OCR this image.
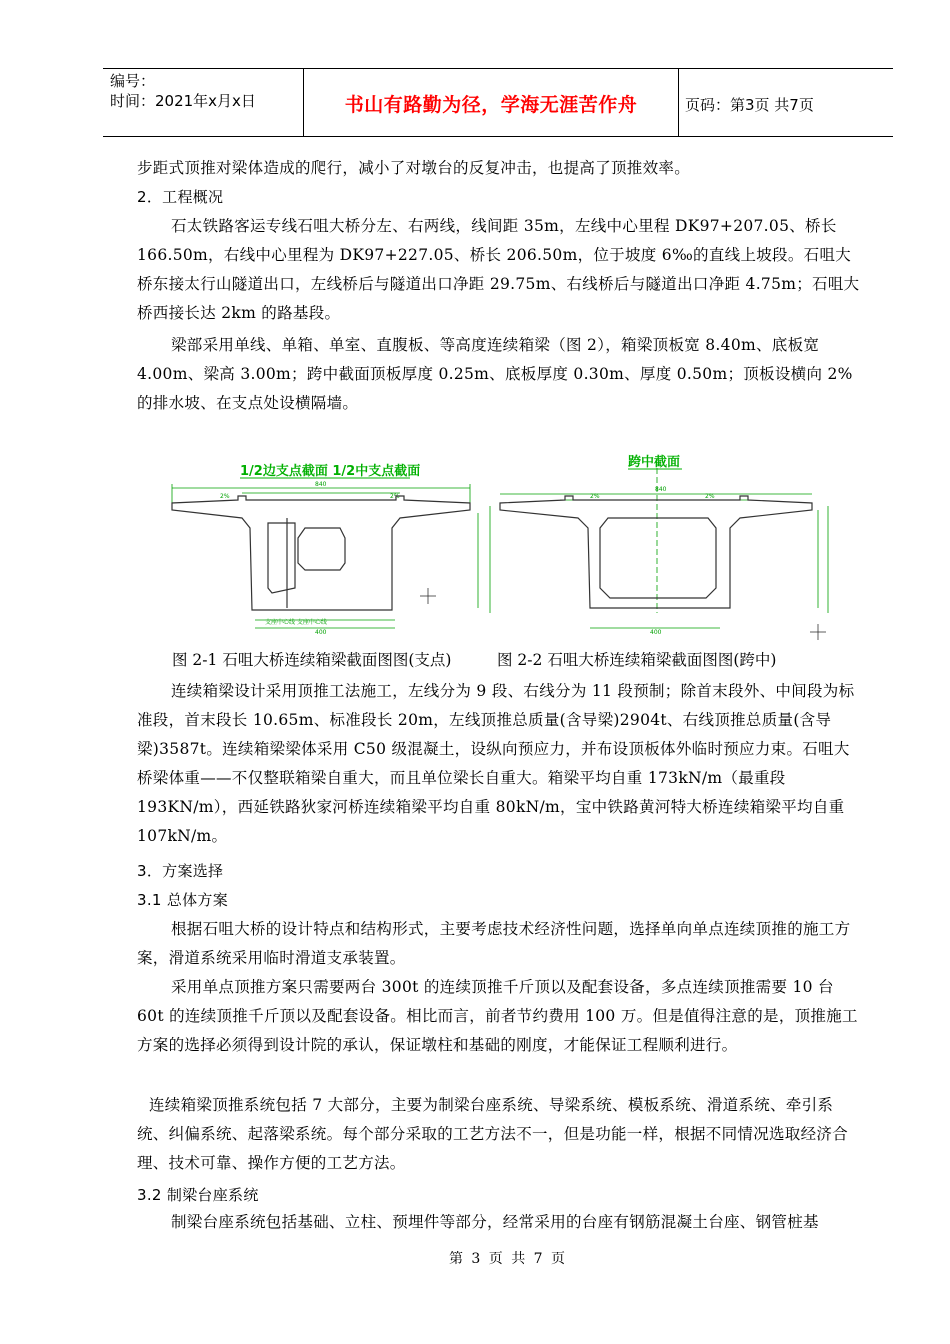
编号：
时间：2021年x月x日	书山有路勤为径，学海无涯苦作舟	页码：第3页 共7页

步距式顶推对梁体造成的爬行，减小了对墩台的反复冲击，也提高了顶推效率。

2．工程概况

石太铁路客运专线石咀大桥分左、右两线，线间距 35m，左线中心里程 DK97+207.05、桥长 166.50m，右线中心里程为 DK97+227.05、桥长 206.50m，位于坡度 6‰的直线上坡段。石咀大桥东接太行山隧道出口，左线桥后与隧道出口净距 29.75m、右线桥后与隧道出口净距 4.75m；石咀大桥西接长达 2km 的路基段。

梁部采用单线、单箱、单室、直腹板、等高度连续箱梁（图 2），箱梁顶板宽 8.40m、底板宽 4.00m、梁高 3.00m；跨中截面顶板厚度 0.25m、底板厚度 0.30m、厚度 0.50m；顶板设横向 2%的排水坡、在支点处设横隔墙。

840
840
400	400
2%	2%	2%	2%
支座中心线 支座中心线
1/2边支点截面 1/2中支点截面
跨中截面
图 2-1 石咀大桥连续箱梁截面图图(支点)	图 2-2 石咀大桥连续箱梁截面图图(跨中)

连续箱梁设计采用顶推工法施工，左线分为 9 段、右线分为 11 段预制；除首末段外、中间段为标准段，首末段长 10.65m、标准段长 20m，左线顶推总质量(含导梁)2904t、右线顶推总质量(含导梁)3587t。连续箱梁梁体采用 C50 级混凝土，设纵向预应力，并布设顶板体外临时预应力束。石咀大桥梁体重——不仅整联箱梁自重大，而且单位梁长自重大。箱梁平均自重 173kN/m（最重段 193KN/m），西延铁路狄家河桥连续箱梁平均自重 80kN/m，宝中铁路黄河特大桥连续箱梁平均自重 107kN/m。

3．方案选择

3.1 总体方案

根据石咀大桥的设计特点和结构形式，主要考虑技术经济性问题，选择单向单点连续顶推的施工方案，滑道系统采用临时滑道支承装置。

采用单点顶推方案只需要两台 300t 的连续顶推千斤顶以及配套设备，多点连续顶推需要 10 台 60t 的连续顶推千斤顶以及配套设备。相比而言，前者节约费用 100 万。但是值得注意的是，顶推施工方案的选择必须得到设计院的承认，保证墩柱和基础的刚度，才能保证工程顺利进行。

连续箱梁顶推系统包括 7 大部分，主要为制梁台座系统、导梁系统、模板系统、滑道系统、牵引系统、纠偏系统、起落梁系统。每个部分采取的工艺方法不一，但是功能一样，根据不同情况选取经济合理、技术可靠、操作方便的工艺方法。

3.2 制梁台座系统

制梁台座系统包括基础、立柱、预埋件等部分，经常采用的台座有钢筋混凝土台座、钢管桩基

第 3 页 共 7 页
